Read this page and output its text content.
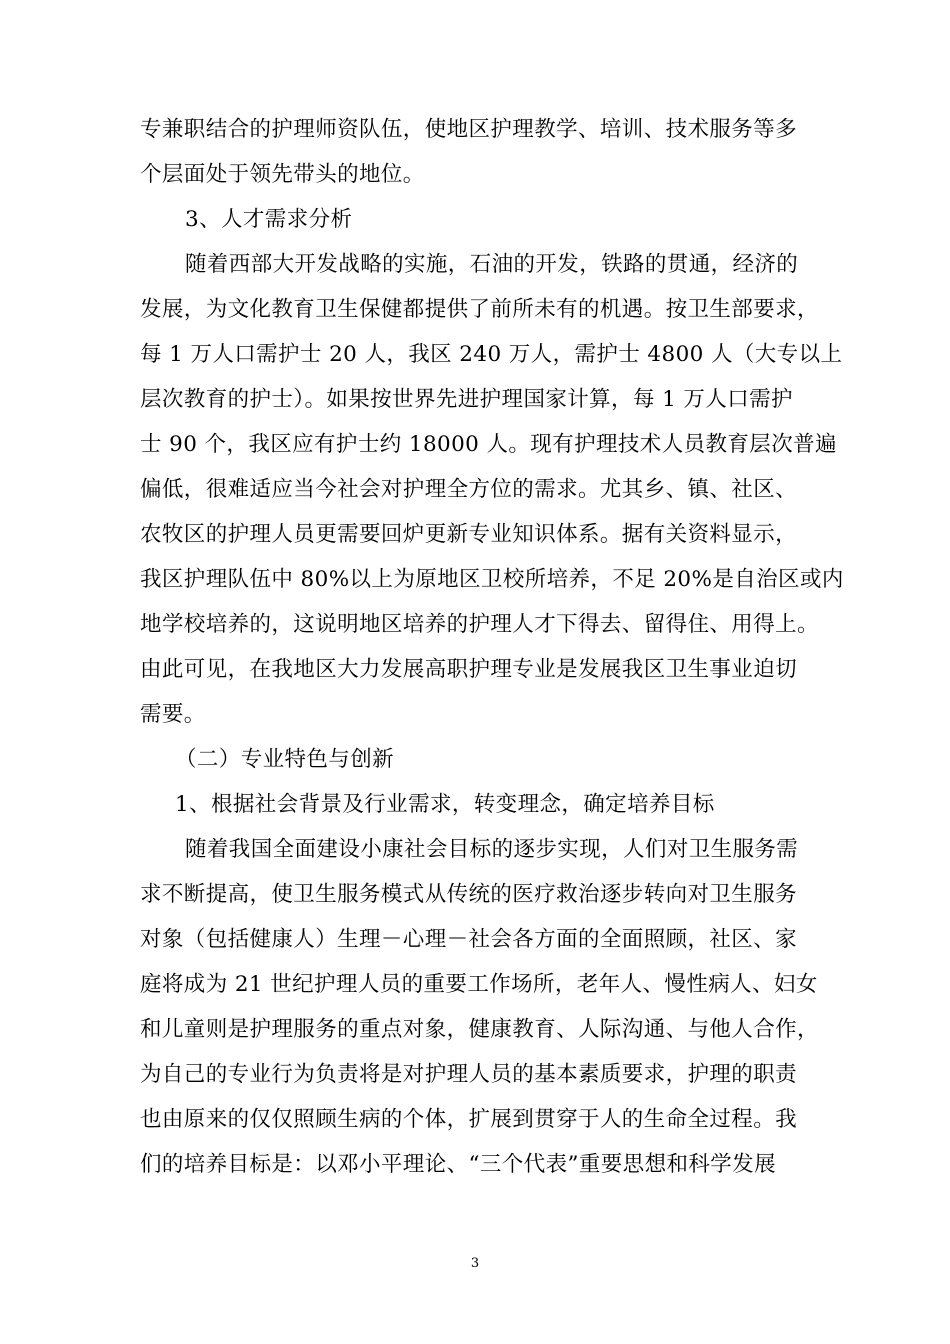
专兼职结合的护理师资队伍，使地区护理教学、培训、技术服务等多
个层面处于领先带头的地位。
3、人才需求分析
随着西部大开发战略的实施，石油的开发，铁路的贯通，经济的
发展，为文化教育卫生保健都提供了前所未有的机遇。按卫生部要求，
每 1 万人口需护士 20 人，我区 240 万人，需护士 4800 人（大专以上
层次教育的护士）。如果按世界先进护理国家计算，每 1 万人口需护
士 90 个，我区应有护士约 18000 人。现有护理技术人员教育层次普遍
偏低，很难适应当今社会对护理全方位的需求。尤其乡、镇、社区、
农牧区的护理人员更需要回炉更新专业知识体系。据有关资料显示，
我区护理队伍中 80%以上为原地区卫校所培养，不足 20%是自治区或内
地学校培养的，这说明地区培养的护理人才下得去、留得住、用得上。
由此可见，在我地区大力发展高职护理专业是发展我区卫生事业迫切
需要。
（二）专业特色与创新
1、根据社会背景及行业需求，转变理念，确定培养目标
随着我国全面建设小康社会目标的逐步实现，人们对卫生服务需
求不断提高，使卫生服务模式从传统的医疗救治逐步转向对卫生服务
对象（包括健康人）生理－心理－社会各方面的全面照顾，社区、家
庭将成为 21 世纪护理人员的重要工作场所，老年人、慢性病人、妇女
和儿童则是护理服务的重点对象，健康教育、人际沟通、与他人合作，
为自己的专业行为负责将是对护理人员的基本素质要求，护理的职责
也由原来的仅仅照顾生病的个体，扩展到贯穿于人的生命全过程。我
们的培养目标是：以邓小平理论、“三个代表”重要思想和科学发展
3
